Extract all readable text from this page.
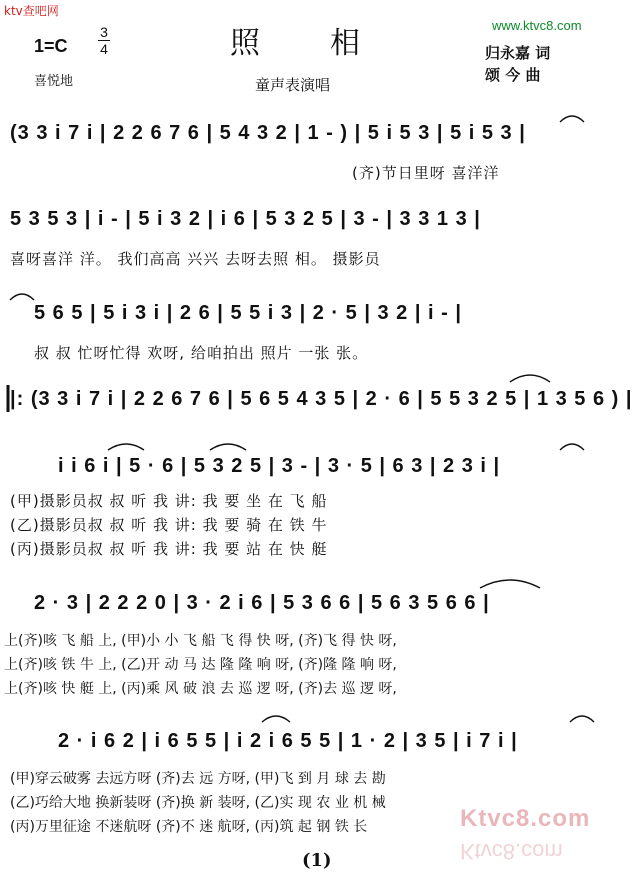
ktv查吧网
www.ktvc8.com
1=C
3
4	照相	归永嘉 词
颂 今 曲
喜悦地	童声表演唱
(3 3 i 7 i | 2 2 6 7 6 | 5 4 3 2 | 1 - ) | 5 i 5 3 | 5 i 5 3 |
(齐)节日里呀 喜洋洋
5 3 5 3 | i - | 5 i 3 2 | i 6 | 5 3 2 5 | 3 - | 3 3 1 3 |
喜呀喜洋 洋。 我们高高 兴兴 去呀去照 相。 摄影员
5 6 5 | 5 i 3 i | 2 6 | 5 5 i 3 | 2 · 5 | 3 2 | i - |
叔 叔 忙呀忙得 欢呀, 给咱拍出 照片 一张 张。
|: (3 3 i 7 i | 2 2 6 7 6 | 5 6 5 4 3 5 | 2 · 6 | 5 5 3 2 5 | 1 3 5 6 ) |
i i 6 i | 5 · 6 | 5 3 2 5 | 3 - | 3 · 5 | 6 3 | 2 3 i |
(甲)摄影员叔 叔 听 我 讲: 我 要 坐 在 飞 船
(乙)摄影员叔 叔 听 我 讲: 我 要 骑 在 铁 牛
(丙)摄影员叔 叔 听 我 讲: 我 要 站 在 快 艇
2 · 3 | 2 2 2 0 | 3 · 2 i 6 | 5 3 6 6 | 5 6 3 5 6 6 |
上(齐)咳 飞 船 上, (甲)小 小 飞 船 飞 得 快 呀, (齐)飞 得 快 呀,
上(齐)咳 铁 牛 上, (乙)开 动 马 达 隆 隆 响 呀, (齐)隆 隆 响 呀,
上(齐)咳 快 艇 上, (丙)乘 风 破 浪 去 巡 逻 呀, (齐)去 巡 逻 呀,
2 · i 6 2 | i 6 5 5 | i 2 i 6 5 5 | 1 · 2 | 3 5 | i 7 i |
(甲)穿云破雾 去远方呀 (齐)去 远 方呀, (甲)飞 到 月 球 去 勘
(乙)巧给大地 换新装呀 (齐)换 新 装呀, (乙)实 现 农 业 机 械
(丙)万里征途 不迷航呀 (齐)不 迷 航呀, (丙)筑 起 钢 铁 长	Ktvc8.com
Ktvc8.com
(1)
